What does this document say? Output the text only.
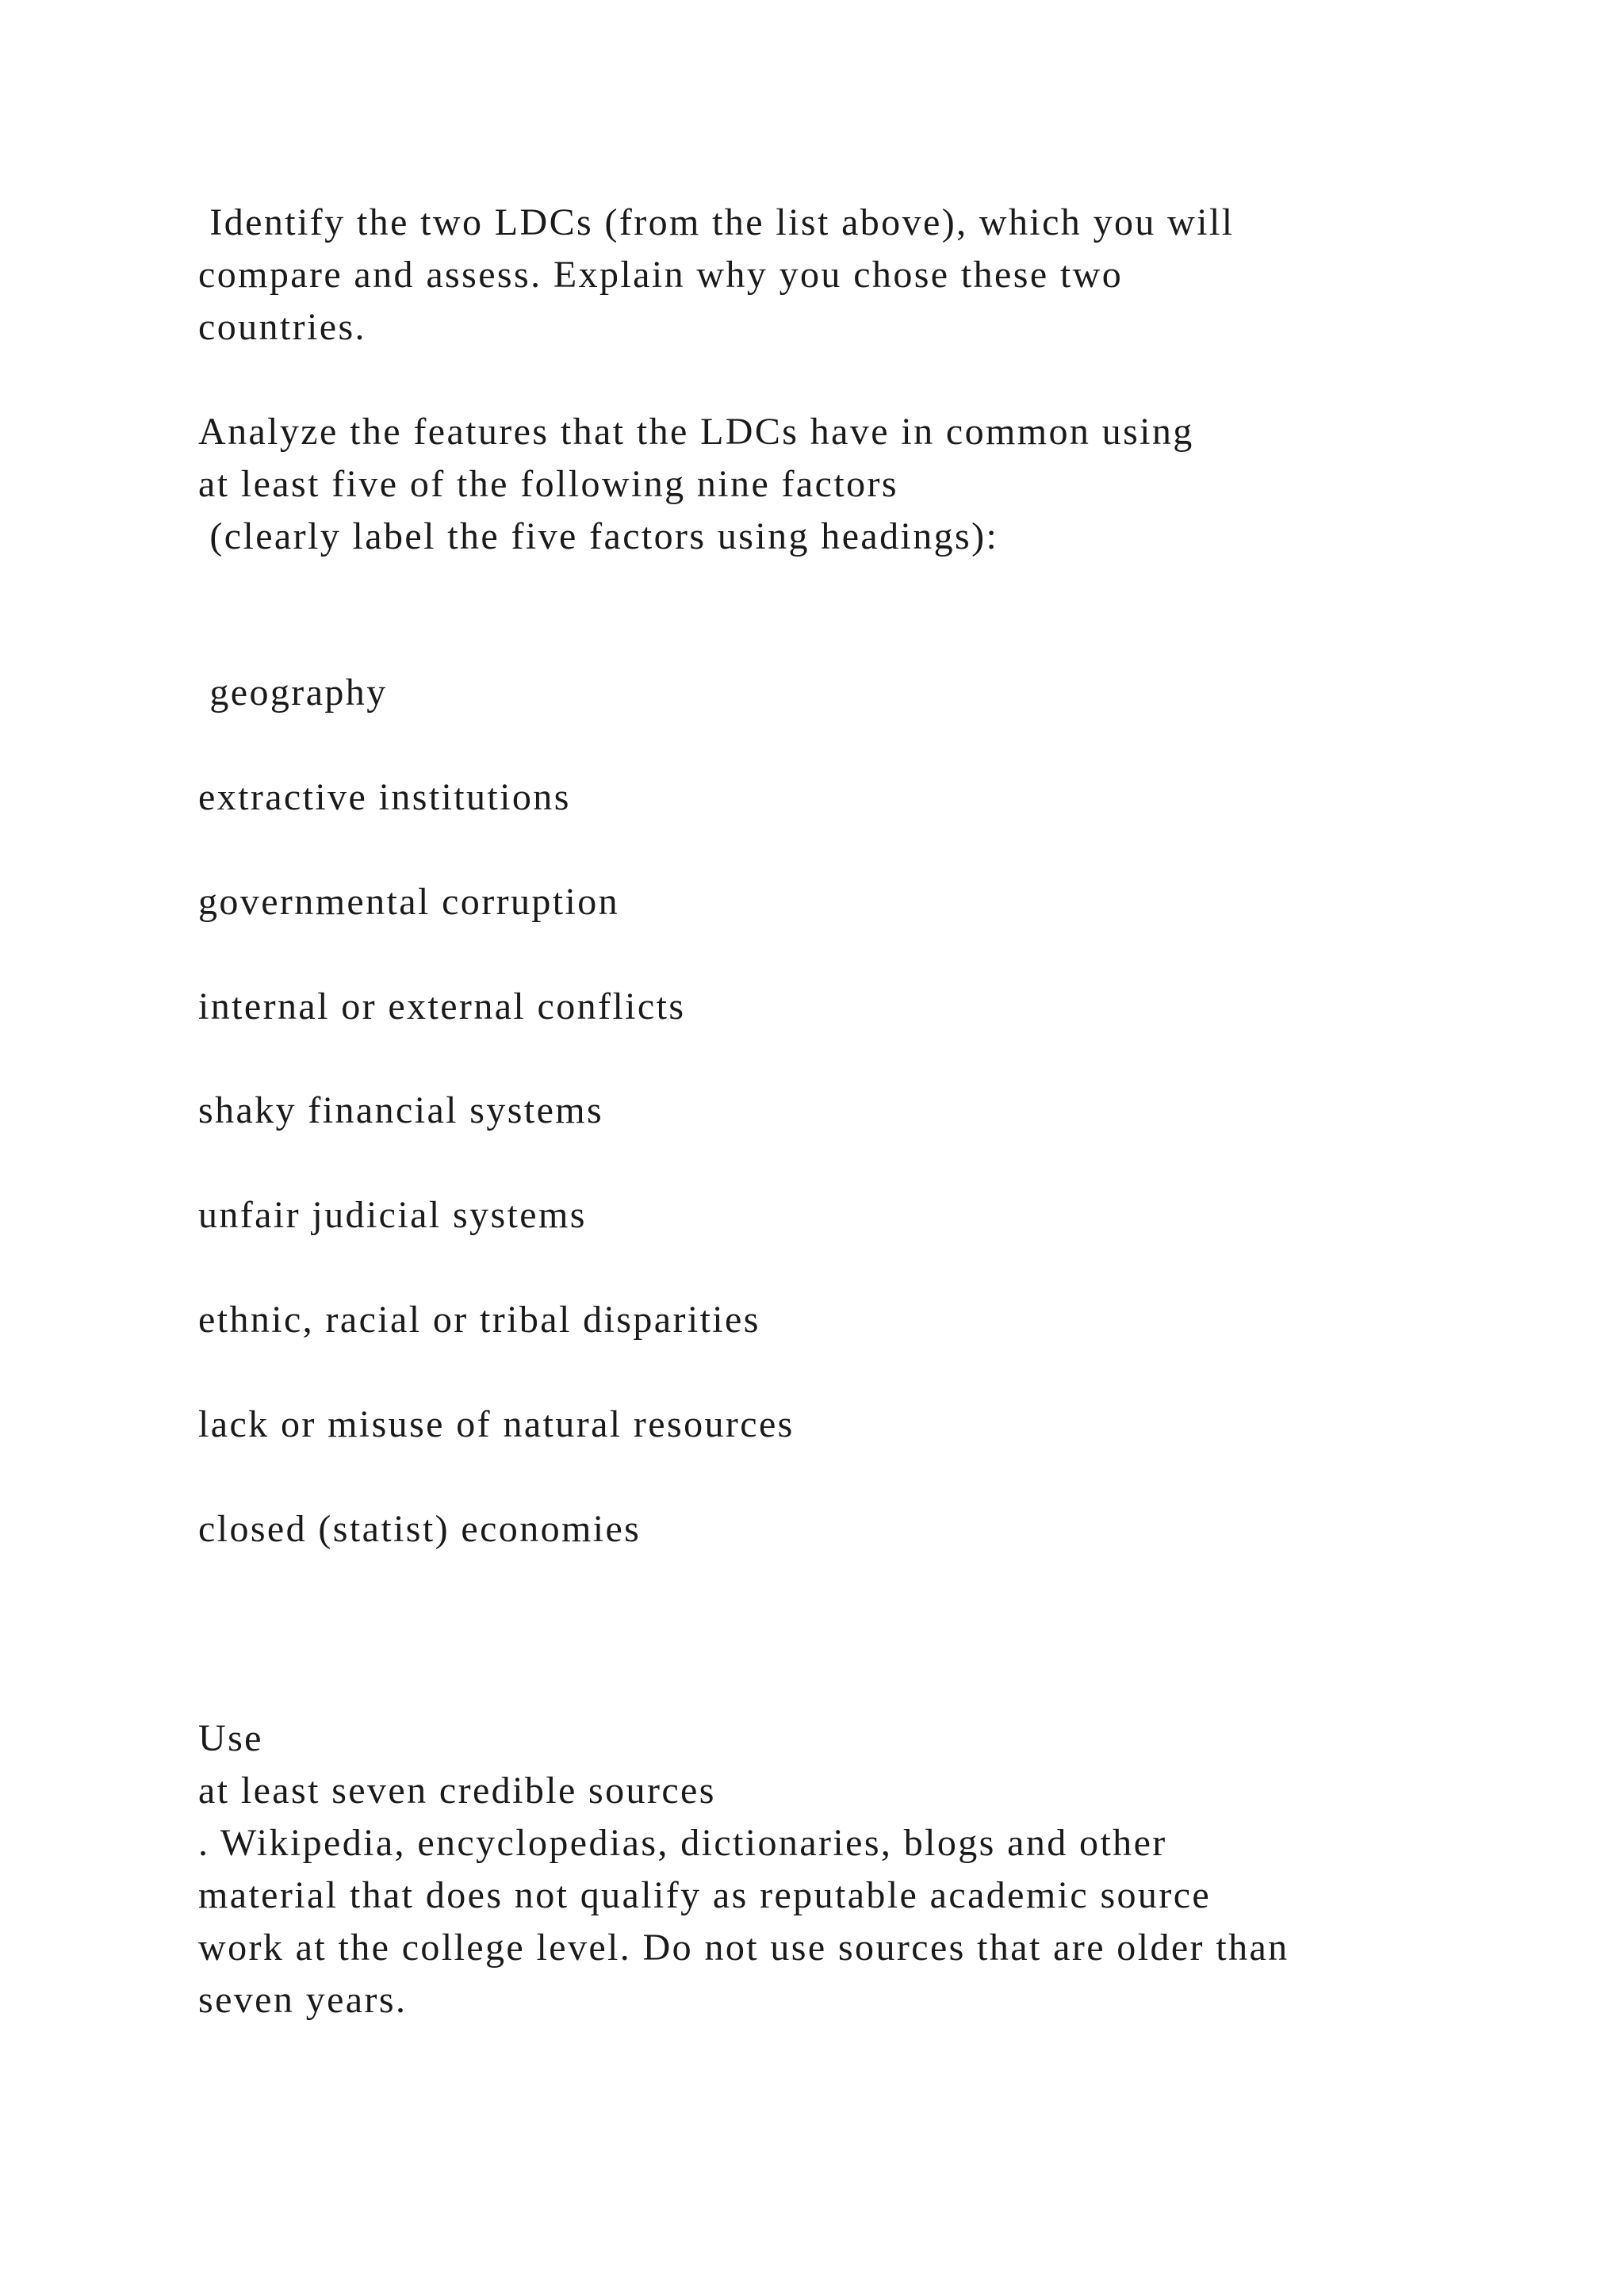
Identify the two LDCs (from the list above), which you will

compare and assess. Explain why you chose these two

countries.

Analyze the features that the LDCs have in common using

at least five of the following nine factors

(clearly label the five factors using headings):

geography

extractive institutions

governmental corruption

internal or external conflicts

shaky financial systems

unfair judicial systems

ethnic, racial or tribal disparities

lack or misuse of natural resources

closed (statist) economies

Use

at least seven credible sources

. Wikipedia, encyclopedias, dictionaries, blogs and other

material that does not qualify as reputable academic source

work at the college level. Do not use sources that are older than

seven years.
